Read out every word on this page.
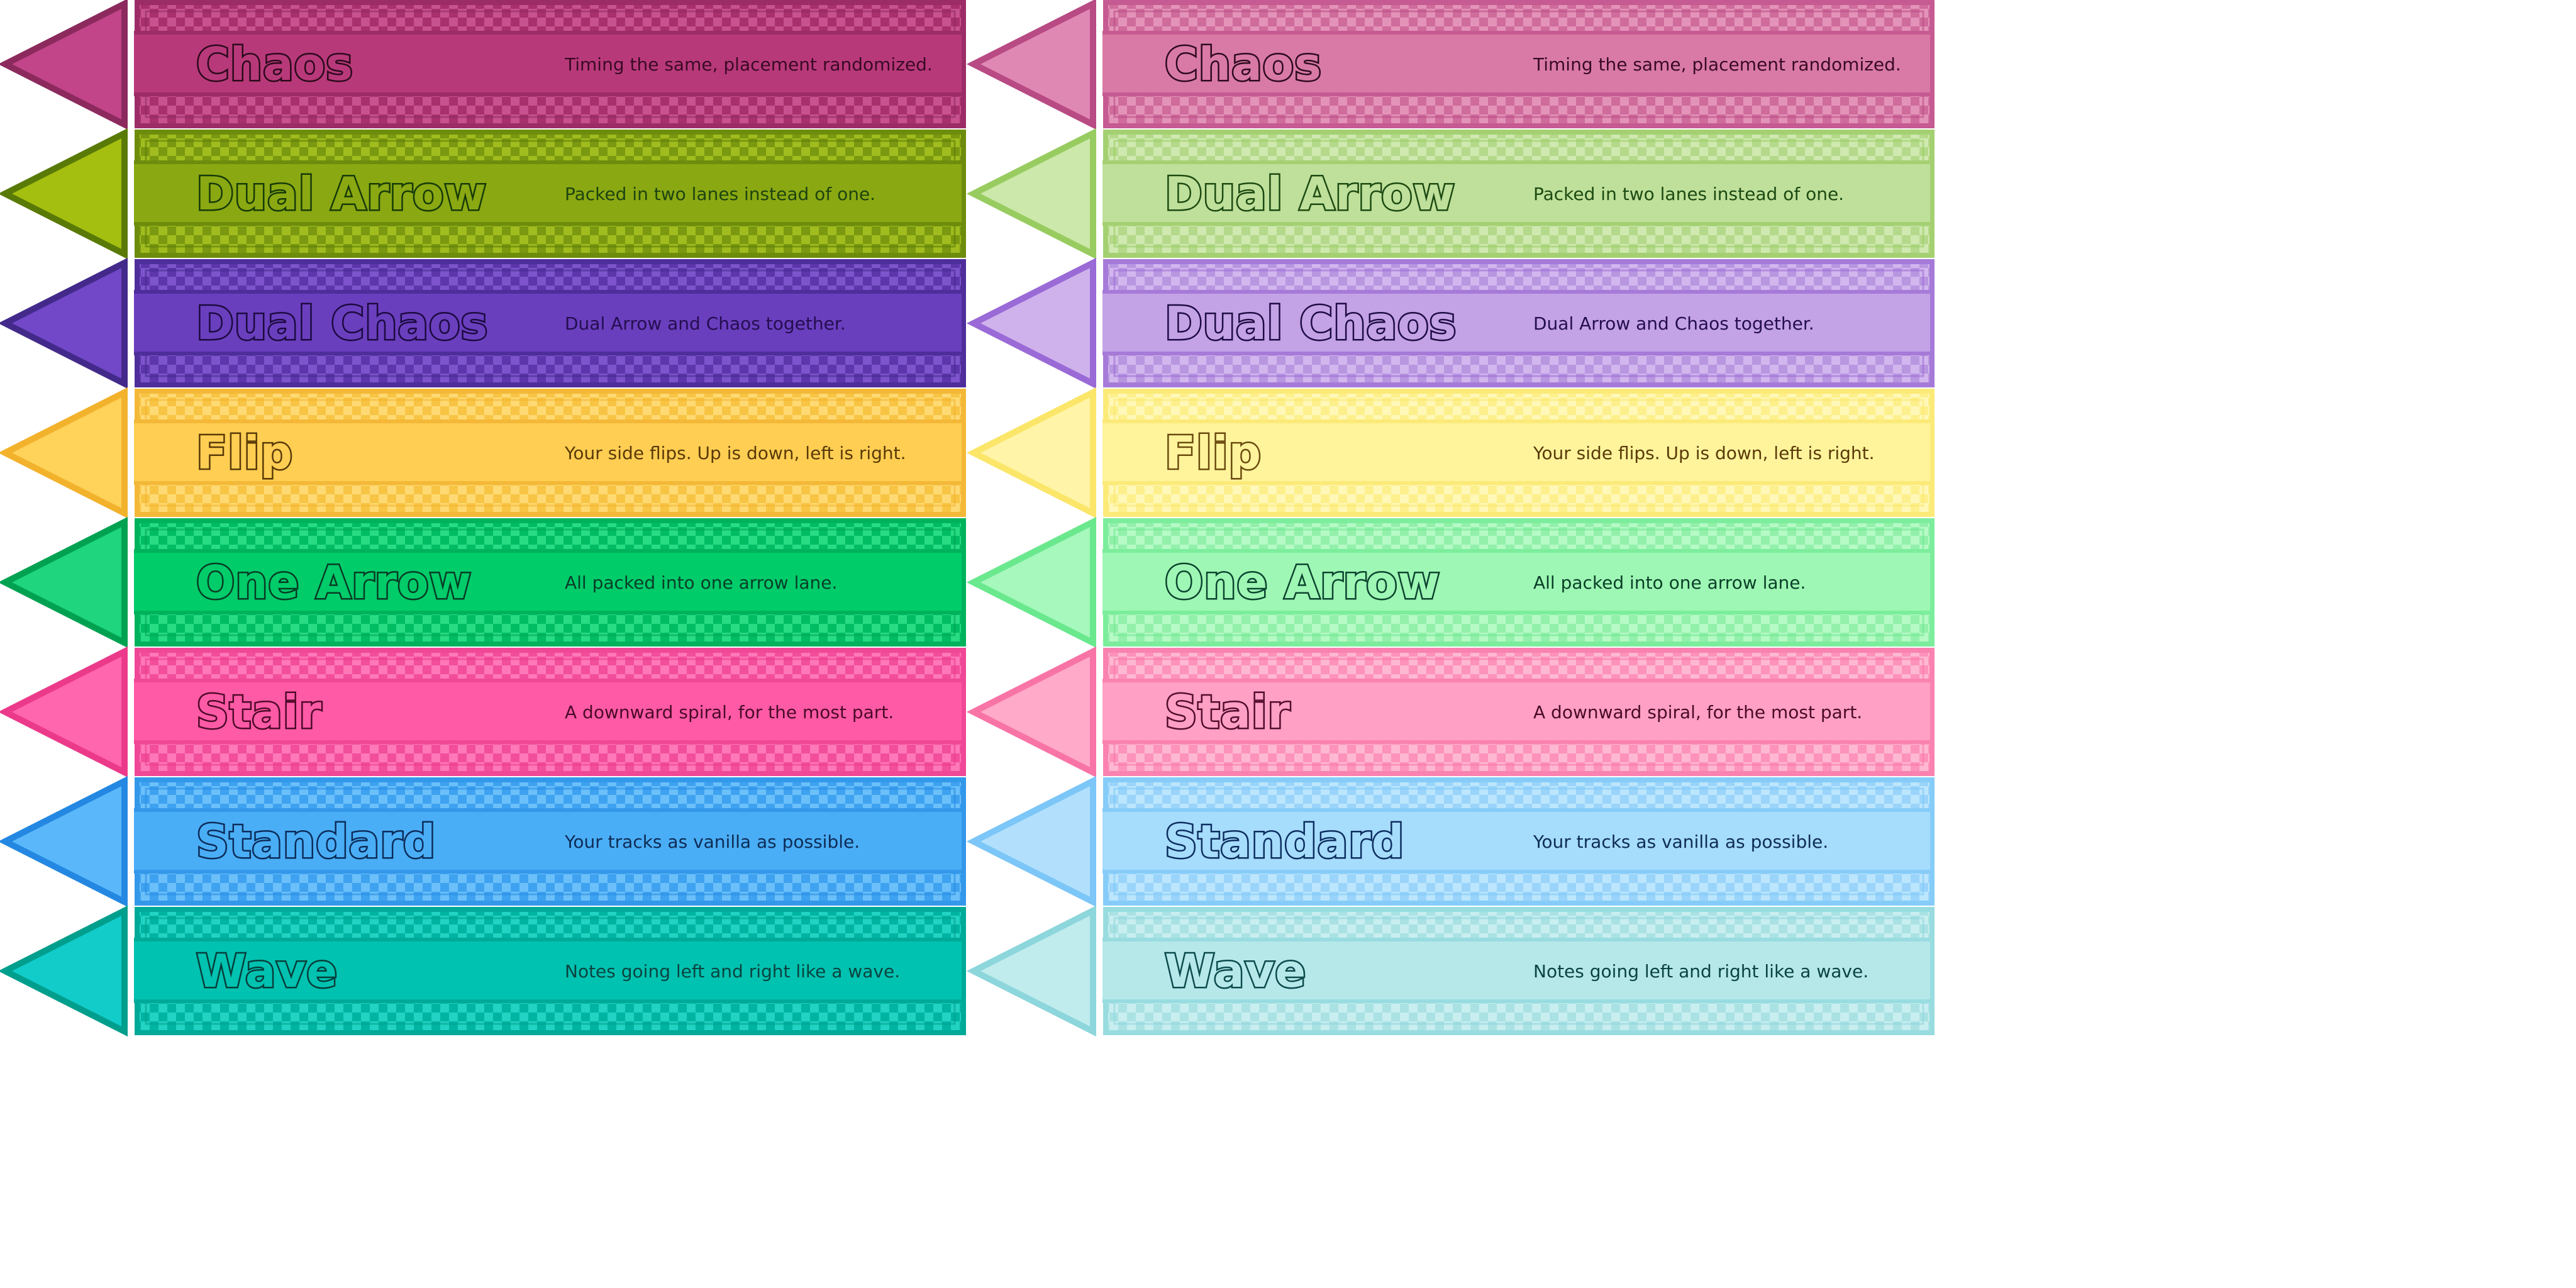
Chaos	Timing the same, placement randomized.
Dual Arrow	Packed in two lanes instead of one.
Dual Chaos	Dual Arrow and Chaos together.
Flip	Your side flips. Up is down, left is right.
One Arrow	All packed into one arrow lane.
Stair	A downward spiral, for the most part.
Standard	Your tracks as vanilla as possible.
Wave	Notes going left and right like a wave.
Chaos	Timing the same, placement randomized.
Dual Arrow	Packed in two lanes instead of one.
Dual Chaos	Dual Arrow and Chaos together.
Flip	Your side flips. Up is down, left is right.
One Arrow	All packed into one arrow lane.
Stair	A downward spiral, for the most part.
Standard	Your tracks as vanilla as possible.
Wave	Notes going left and right like a wave.
